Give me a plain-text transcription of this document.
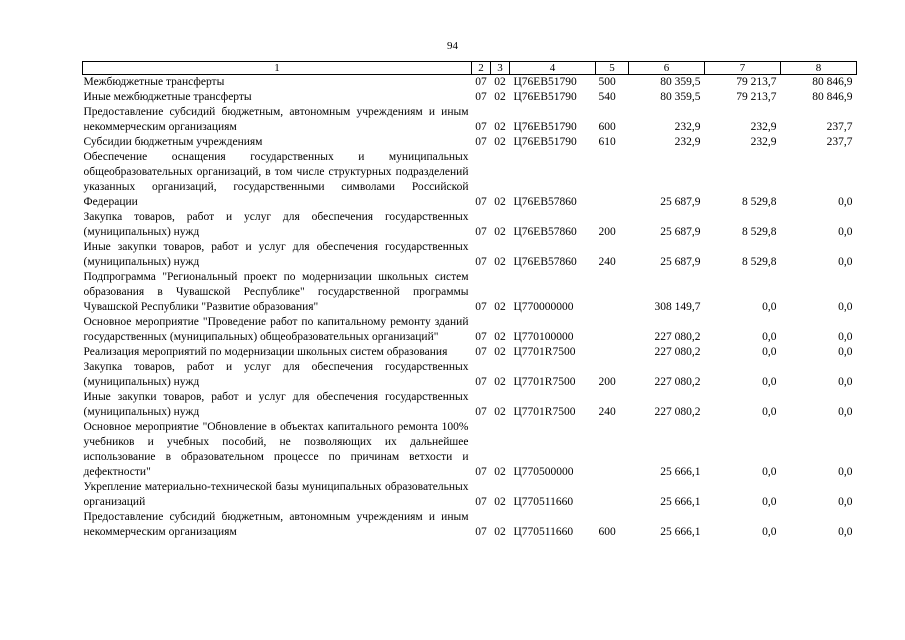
94
1	2	3	4	5	6	7	8
Межбюджетные трансферты	07	02	Ц76EВ51790	500	80 359,5	79 213,7	80 846,9
Иные межбюджетные трансферты	07	02	Ц76EВ51790	540	80 359,5	79 213,7	80 846,9
Предоставление субсидий бюджетным, автономным учреждениям и иным некоммерческим организациям	07	02	Ц76EВ51790	600	232,9	232,9	237,7
Субсидии бюджетным учреждениям	07	02	Ц76EВ51790	610	232,9	232,9	237,7
Обеспечение оснащения государственных и муниципальных общеобразовательных организаций, в том числе структурных подразделений указанных организаций, государственными символами Российской Федерации	07	02	Ц76EВ57860		25 687,9	8 529,8	0,0
Закупка товаров, работ и услуг для обеспечения государственных (муниципальных) нужд	07	02	Ц76EВ57860	200	25 687,9	8 529,8	0,0
Иные закупки товаров, работ и услуг для обеспечения государственных (муниципальных) нужд	07	02	Ц76EВ57860	240	25 687,9	8 529,8	0,0
Подпрограмма "Региональный проект по модернизации школьных систем образования в Чувашской Республике" государственной программы Чувашской Республики "Развитие образования"	07	02	Ц770000000		308 149,7	0,0	0,0
Основное мероприятие "Проведение работ по капитальному ремонту зданий государственных (муниципальных) общеобразовательных организаций"	07	02	Ц770100000		227 080,2	0,0	0,0
Реализация мероприятий по модернизации школьных систем образования	07	02	Ц7701R7500		227 080,2	0,0	0,0
Закупка товаров, работ и услуг для обеспечения государственных (муниципальных) нужд	07	02	Ц7701R7500	200	227 080,2	0,0	0,0
Иные закупки товаров, работ и услуг для обеспечения государственных (муниципальных) нужд	07	02	Ц7701R7500	240	227 080,2	0,0	0,0
Основное мероприятие "Обновление в объектах капитального ремонта 100% учебников и учебных пособий, не позволяющих их дальнейшее использование в образовательном процессе по причинам ветхости и дефектности"	07	02	Ц770500000		25 666,1	0,0	0,0
Укрепление материально-технической базы муниципальных образовательных организаций	07	02	Ц770511660		25 666,1	0,0	0,0
Предоставление субсидий бюджетным, автономным учреждениям и иным некоммерческим организациям	07	02	Ц770511660	600	25 666,1	0,0	0,0
